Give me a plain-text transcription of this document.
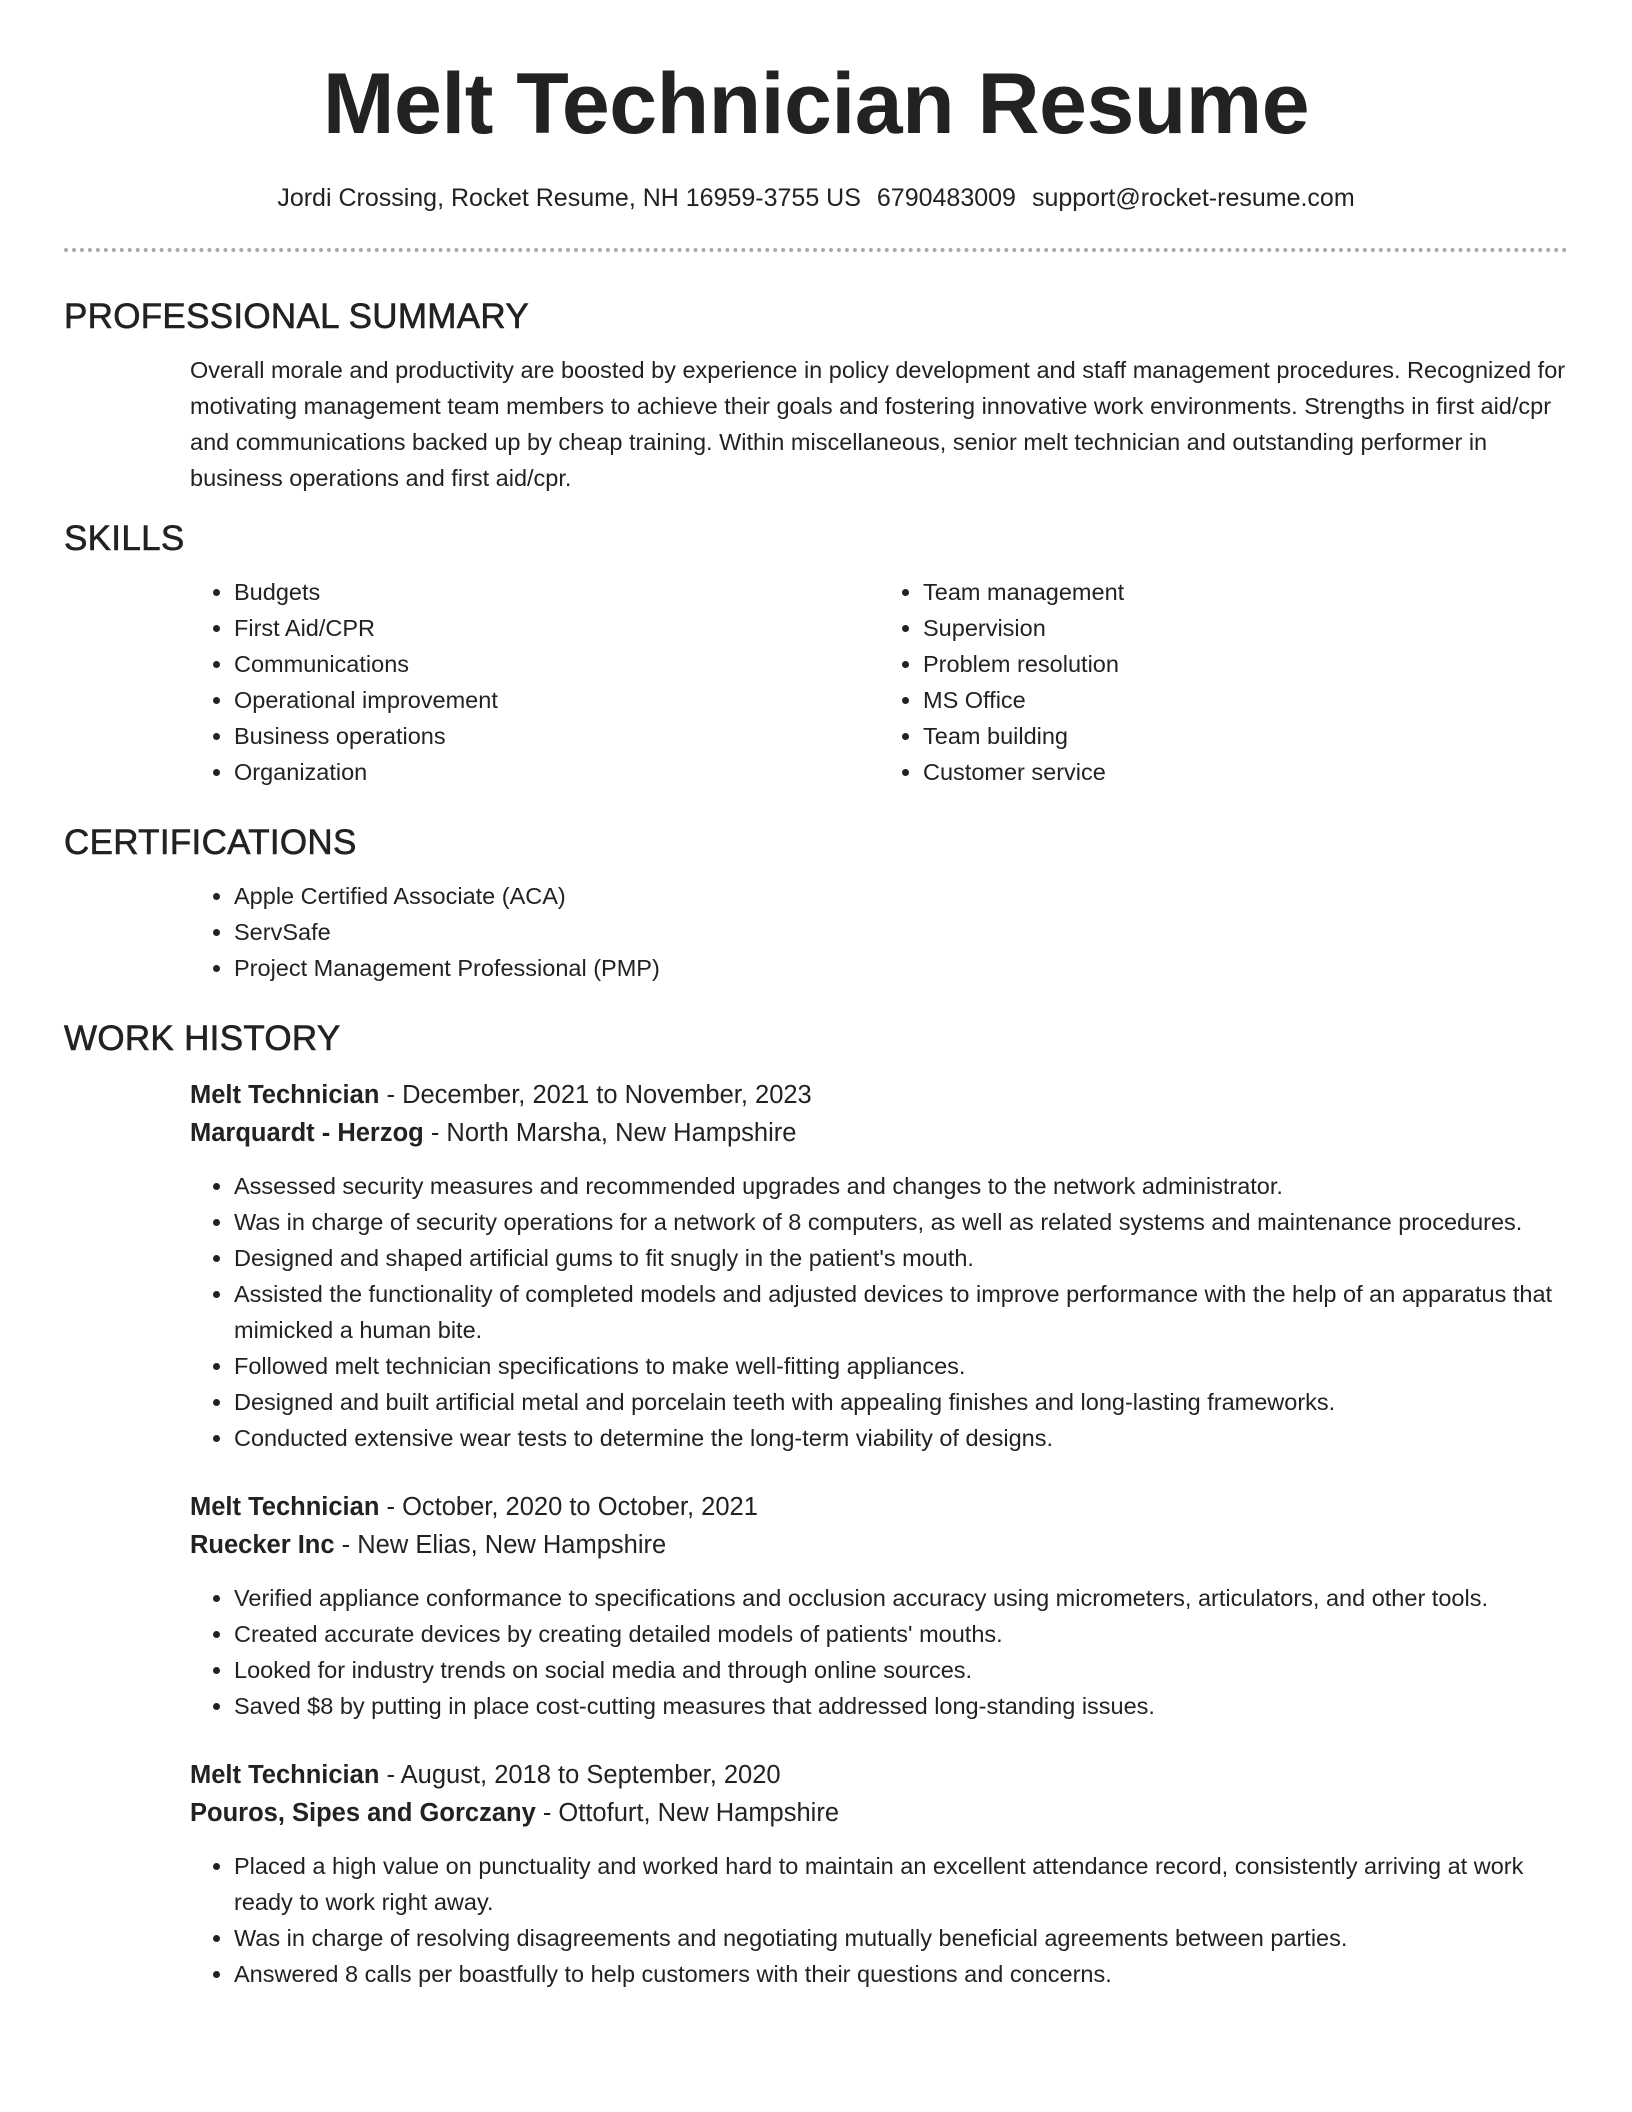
Melt Technician Resume
Jordi Crossing, Rocket Resume, NH 16959-3755 US 6790483009 support@rocket-resume.com
PROFESSIONAL SUMMARY
Overall morale and productivity are boosted by experience in policy development and staff management procedures. Recognized for motivating management team members to achieve their goals and fostering innovative work environments. Strengths in first aid/cpr and communications backed up by cheap training. Within miscellaneous, senior melt technician and outstanding performer in business operations and first aid/cpr.
SKILLS
• Budgets
• First Aid/CPR
• Communications
• Operational improvement
• Business operations
• Organization
• Team management
• Supervision
• Problem resolution
• MS Office
• Team building
• Customer service
CERTIFICATIONS
• Apple Certified Associate (ACA)
• ServSafe
• Project Management Professional (PMP)
WORK HISTORY
Melt Technician - December, 2021 to November, 2023
Marquardt - Herzog - North Marsha, New Hampshire
• Assessed security measures and recommended upgrades and changes to the network administrator.
• Was in charge of security operations for a network of 8 computers, as well as related systems and maintenance procedures.
• Designed and shaped artificial gums to fit snugly in the patient's mouth.
• Assisted the functionality of completed models and adjusted devices to improve performance with the help of an apparatus that mimicked a human bite.
• Followed melt technician specifications to make well-fitting appliances.
• Designed and built artificial metal and porcelain teeth with appealing finishes and long-lasting frameworks.
• Conducted extensive wear tests to determine the long-term viability of designs.
Melt Technician - October, 2020 to October, 2021
Ruecker Inc - New Elias, New Hampshire
• Verified appliance conformance to specifications and occlusion accuracy using micrometers, articulators, and other tools.
• Created accurate devices by creating detailed models of patients' mouths.
• Looked for industry trends on social media and through online sources.
• Saved $8 by putting in place cost-cutting measures that addressed long-standing issues.
Melt Technician - August, 2018 to September, 2020
Pouros, Sipes and Gorczany - Ottofurt, New Hampshire
• Placed a high value on punctuality and worked hard to maintain an excellent attendance record, consistently arriving at work ready to work right away.
• Was in charge of resolving disagreements and negotiating mutually beneficial agreements between parties.
• Answered 8 calls per boastfully to help customers with their questions and concerns.
